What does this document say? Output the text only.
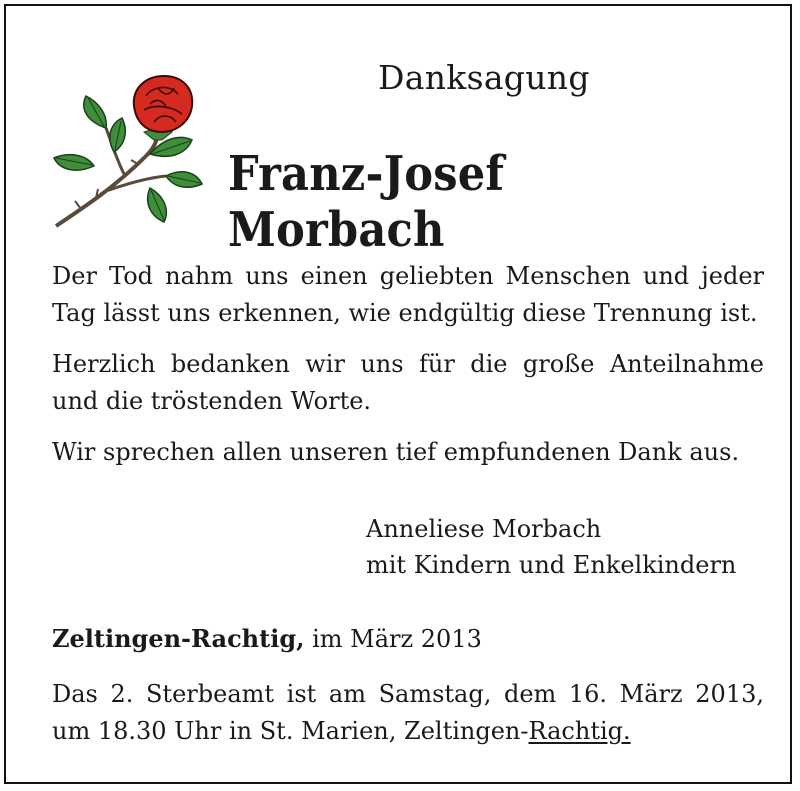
Danksagung
Franz-Josef Morbach
Der Tod nahm uns einen geliebten Menschen und jeder
Tag lässt uns erkennen, wie endgültig diese Trennung ist.
Herzlich bedanken wir uns für die große Anteilnahme
und die tröstenden Worte.
Wir sprechen allen unseren tief empfundenen Dank aus.
Anneliese Morbach
mit Kindern und Enkelkindern
Zeltingen-Rachtig, im März 2013
Das 2. Sterbeamt ist am Samstag, dem 16. März 2013,
um 18.30 Uhr in St. Marien, Zeltingen-Rachtig.
